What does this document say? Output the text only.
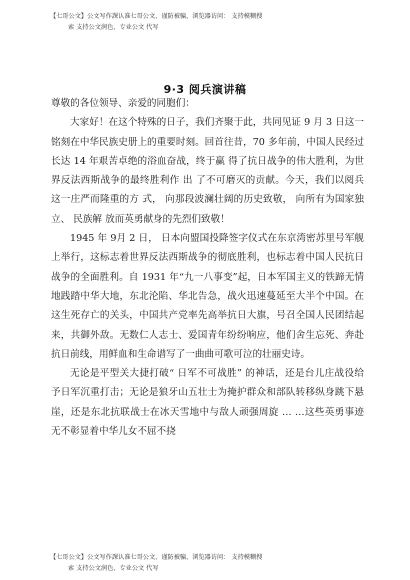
【七哥公文】公文写作課认准七哥公文、谨防被骗，浏览器访问： 支持模糊搜
索 支持公文润色、专业公文 代写
9·3 阅兵演讲稿

尊敬的各位领导、亲爱的同胞们：

大家好！在这个特殊的日子，我们齐聚于此，共同见证 9 月 3 日这一铭刻在中华民族史册上的重要时刻。回首往昔，70 多年前，中国人民经过长达 14 年艰苦卓绝的浴血奋战，终于赢 得了抗日战争的伟大胜利，为世界反法西斯战争的最终胜利作 出 了不可磨灭的贡献。今天，我们以阅兵这一庄严而隆重的方 式， 向那段波澜壮阔的历史致敬， 向所有为国家独立、 民族解 放而英勇献身的先烈们致敬！

1945 年 9月 2 日， 日本向盟国投降签字仪式在东京湾密苏里号军舰上举行，这标志着世界反法西斯战争的彻底胜利，也标志着中国人民抗日战争的全面胜利。自 1931 年“九一八事变”起，日本军国主义的铁蹄无情地践踏中华大地，东北沦陷、华北告急，战火迅速蔓延至大半个中国。在这生死存亡的关头，中国共产党率先高举抗日大旗，号召全国人民团结起来，共御外敌。无数仁人志士、爱国青年纷纷响应，他们舍生忘死、奔赴抗日前线，用鲜血和生命谱写了一曲曲可歌可泣的壮丽史诗。

无论是平型关大捷打破“ 日军不可战胜” 的神话，还是台儿庄战役给予日军沉重打击；无论是狼牙山五壮士为掩护群众和部队转移纵身跳下悬崖，还是东北抗联战士在冰天雪地中与敌人顽强周旋 … …这些英勇事迹无不彰显着中华儿女不屈不挠

【七哥公文】公文写作課认准七哥公文、谨防被骗，浏览器访问： 支持模糊搜
索 支持公文润色、专业公文 代写
